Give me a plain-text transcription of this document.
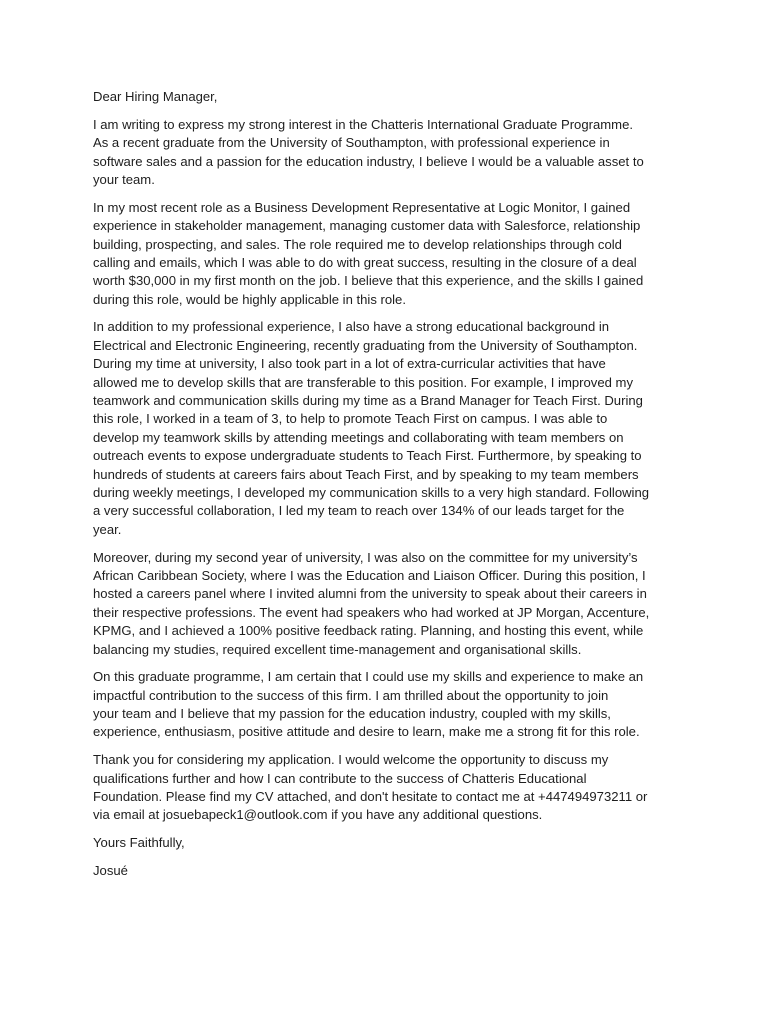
Dear Hiring Manager,
I am writing to express my strong interest in the Chatteris International Graduate Programme.
As a recent graduate from the University of Southampton, with professional experience in
software sales and a passion for the education industry, I believe I would be a valuable asset to
your team.
In my most recent role as a Business Development Representative at Logic Monitor, I gained
experience in stakeholder management, managing customer data with Salesforce, relationship
building, prospecting, and sales. The role required me to develop relationships through cold
calling and emails, which I was able to do with great success, resulting in the closure of a deal
worth $30,000 in my first month on the job. I believe that this experience, and the skills I gained
during this role, would be highly applicable in this role.
In addition to my professional experience, I also have a strong educational background in
Electrical and Electronic Engineering, recently graduating from the University of Southampton.
During my time at university, I also took part in a lot of extra-curricular activities that have
allowed me to develop skills that are transferable to this position. For example, I improved my
teamwork and communication skills during my time as a Brand Manager for Teach First. During
this role, I worked in a team of 3, to help to promote Teach First on campus. I was able to
develop my teamwork skills by attending meetings and collaborating with team members on
outreach events to expose undergraduate students to Teach First. Furthermore, by speaking to
hundreds of students at careers fairs about Teach First, and by speaking to my team members
during weekly meetings, I developed my communication skills to a very high standard. Following
a very successful collaboration, I led my team to reach over 134% of our leads target for the
year.
Moreover, during my second year of university, I was also on the committee for my university’s
African Caribbean Society, where I was the Education and Liaison Officer. During this position, I
hosted a careers panel where I invited alumni from the university to speak about their careers in
their respective professions. The event had speakers who had worked at JP Morgan, Accenture,
KPMG, and I achieved a 100% positive feedback rating. Planning, and hosting this event, while
balancing my studies, required excellent time-management and organisational skills.
On this graduate programme, I am certain that I could use my skills and experience to make an
impactful contribution to the success of this firm. I am thrilled about the opportunity to join
your team and I believe that my passion for the education industry, coupled with my skills,
experience, enthusiasm, positive attitude and desire to learn, make me a strong fit for this role.
Thank you for considering my application. I would welcome the opportunity to discuss my
qualifications further and how I can contribute to the success of Chatteris Educational
Foundation. Please find my CV attached, and don't hesitate to contact me at +447494973211 or
via email at josuebapeck1@outlook.com if you have any additional questions.
Yours Faithfully,
Josué
